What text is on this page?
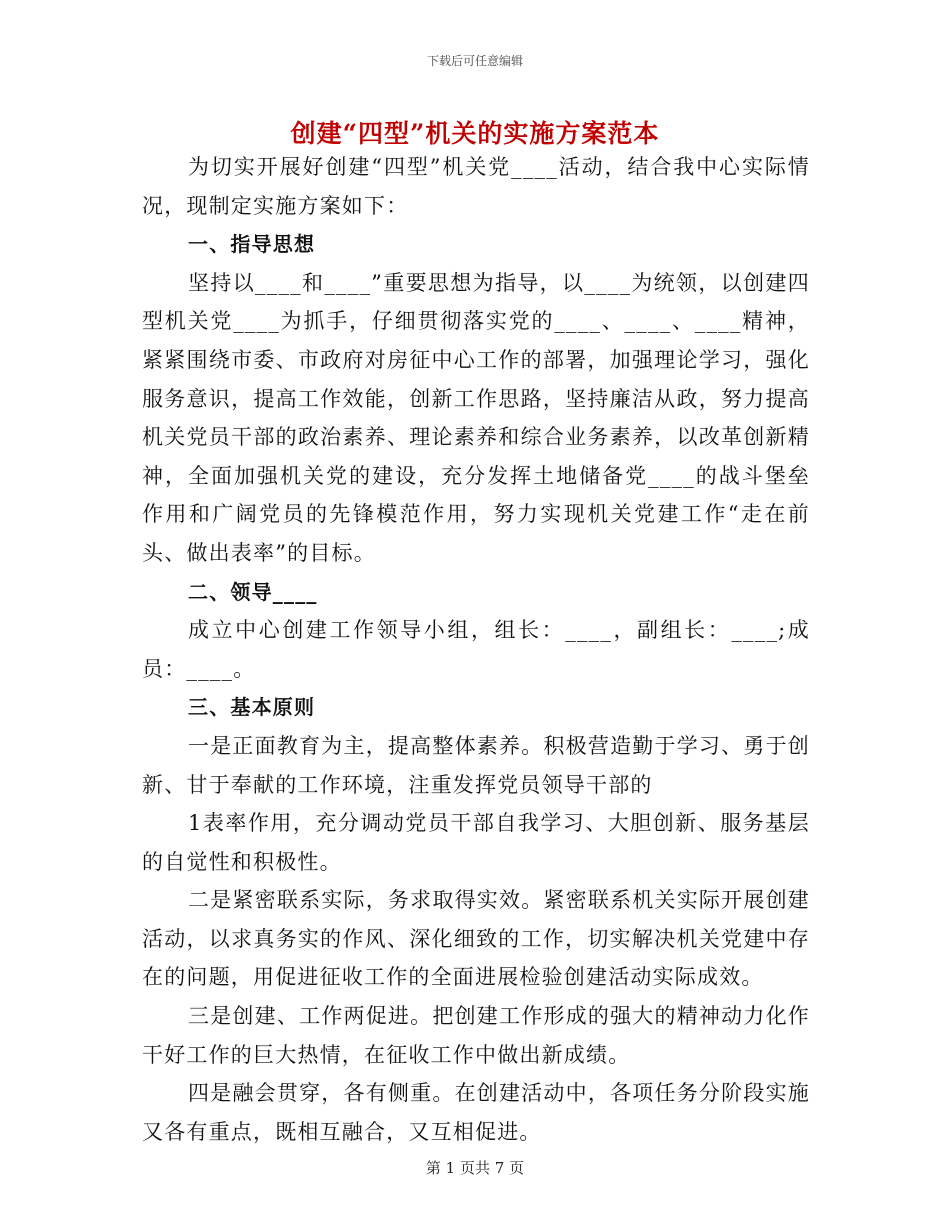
下载后可任意编辑
创建“四型”机关的实施方案范本

为切实开展好创建“四型”机关党____活动，结合我中心实际情况，现制定实施方案如下：

一、指导思想

坚持以____和____”重要思想为指导，以____为统领，以创建四型机关党____为抓手，仔细贯彻落实党的____、____、____精神，紧紧围绕市委、市政府对房征中心工作的部署，加强理论学习，强化服务意识，提高工作效能，创新工作思路，坚持廉洁从政，努力提高机关党员干部的政治素养、理论素养和综合业务素养，以改革创新精神，全面加强机关党的建设，充分发挥土地储备党____的战斗堡垒作用和广阔党员的先锋模范作用，努力实现机关党建工作“走在前头、做出表率”的目标。

二、领导____

成立中心创建工作领导小组，组长：____，副组长：____;成员：____。

三、基本原则

一是正面教育为主，提高整体素养。积极营造勤于学习、勇于创新、甘于奉献的工作环境，注重发挥党员领导干部的

1表率作用，充分调动党员干部自我学习、大胆创新、服务基层的自觉性和积极性。

二是紧密联系实际，务求取得实效。紧密联系机关实际开展创建活动，以求真务实的作风、深化细致的工作，切实解决机关党建中存在的问题，用促进征收工作的全面进展检验创建活动实际成效。

三是创建、工作两促进。把创建工作形成的强大的精神动力化作干好工作的巨大热情，在征收工作中做出新成绩。

四是融会贯穿，各有侧重。在创建活动中，各项任务分阶段实施又各有重点，既相互融合，又互相促进。

第 1 页共 7 页
